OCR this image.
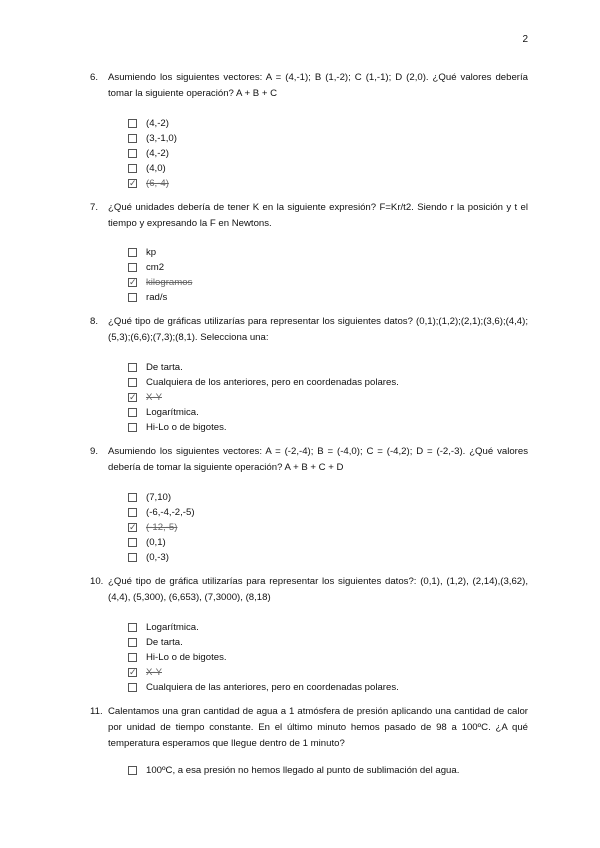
2
6.	Asumiendo los siguientes vectores: A = (4,-1); B (1,-2); C (1,-1); D (2,0). ¿Qué valores debería tomar la siguiente operación? A + B + C
(4,-2)
(3,-1,0)
(4,-2)
(4,0)
✓
(6,-4)
7.	¿Qué unidades debería de tener K en la siguiente expresión? F=Kr/t2. Siendo r la posición y t el tiempo y expresando la F en Newtons.
kp
cm2
✓
kilogramos
rad/s
8.	¿Qué tipo de gráficas utilizarías para representar los siguientes datos? (0,1);(1,2);(2,1);(3,6);(4,4);(5,3);(6,6);(7,3);(8,1). Selecciona una:
De tarta.
Cualquiera de los anteriores, pero en coordenadas polares.
✓
X-Y
Logarítmica.
Hi-Lo o de bigotes.
9.	Asumiendo los siguientes vectores: A = (-2,-4); B = (-4,0); C = (-4,2); D = (-2,-3). ¿Qué valores debería de tomar la siguiente operación? A + B + C + D
(7,10)
(-6,-4,-2,-5)
✓
(-12,-5)
(0,1)
(0,-3)
10. ¿Qué tipo de gráfica utilizarías para representar los siguientes datos?: (0,1), (1,2), (2,14),(3,62), (4,4), (5,300), (6,653), (7,3000), (8,18)
Logarítmica.
De tarta.
Hi-Lo o de bigotes.
✓
X-Y
Cualquiera de las anteriores, pero en coordenadas polares.
11. Calentamos una gran cantidad de agua a 1 atmósfera de presión aplicando una cantidad de calor por unidad de tiempo constante. En el último minuto hemos pasado de 98 a 100ºC. ¿A qué temperatura esperamos que llegue dentro de 1 minuto?
100ºC, a esa presión no hemos llegado al punto de sublimación del agua.
